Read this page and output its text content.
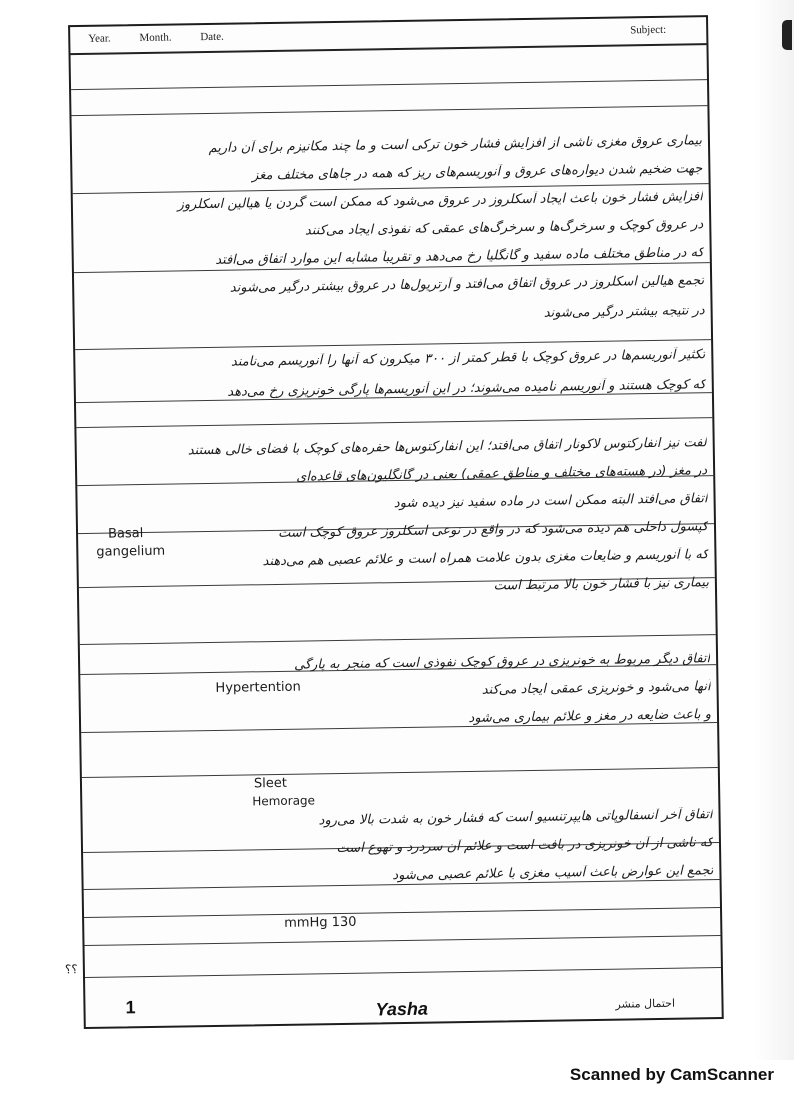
Year.	Month.	Date.
Subject:
بیماری عروق مغزی ناشی از افزایش فشار خون ترکی است و ما چند مکانیزم برای آن داریم
جهت ضخیم شدن دیواره‌های عروق و آنوریسم‌های ریز که همه در جاهای مختلف مغز
افزایش فشار خون باعث ایجاد آسکلروز در عروق می‌شود که ممکن است گردن یا هیالین اسکلروز
در عروق کوچک و سرخرگ‌ها و سرخرگ‌های عمقی که نفوذی ایجاد می‌کنند
که در مناطق مختلف ماده سفید و گانگلیا رخ می‌دهد و تقریباً مشابه این موارد اتفاق می‌افتد
تجمع هیالین اسکلروز در عروق اتفاق می‌افتد و آرتریول‌ها در عروق بیشتر درگیر می‌شوند
در نتیجه بیشتر درگیر می‌شوند
تکثیر آنوریسم‌ها در عروق کوچک با قطر کمتر از ۳۰۰ میکرون که آنها را آنوریسم می‌نامند
که کوچک هستند و آنوریسم نامیده می‌شوند؛ در این آنوریسم‌ها پارگی خونریزی رخ می‌دهد
لفت نیز انفارکتوس لاکونار اتفاق می‌افتد؛ این انفارکتوس‌ها حفره‌های کوچک با فضای خالی هستند
در مغز (در هسته‌های مختلف و مناطق عمقی) یعنی در گانگلیون‌های قاعده‌ای
اتفاق می‌افتد البته ممکن است در ماده سفید نیز دیده شود
کپسول داخلی هم دیده می‌شود که در واقع در نوعی اسکلروز عروق کوچک است
که با آنوریسم و ضایعات مغزی بدون علامت همراه است و علائم عصبی هم می‌دهند
بیماری نیز با فشار خون بالا مرتبط است
اتفاق دیگر مربوط به خونریزی در عروق کوچک نفوذی است که منجر به پارگی
آنها می‌شود و خونریزی عمقی ایجاد می‌کند
و باعث ضایعه در مغز و علائم بیماری می‌شود
اتفاق آخر آنسفالوپاتی هایپرتنسیو است که فشار خون به شدت بالا می‌رود
که ناشی از آن خونریزی در بافت است و علائم آن سردرد و تهوع است
تجمع این عوارض باعث آسیب مغزی با علائم عصبی می‌شود
Basal
gangelium
Hypertention
Sleet
Hemorage
mmHg 130
؟؟
1	Yasha	احتمال منشر
Scanned by CamScanner
